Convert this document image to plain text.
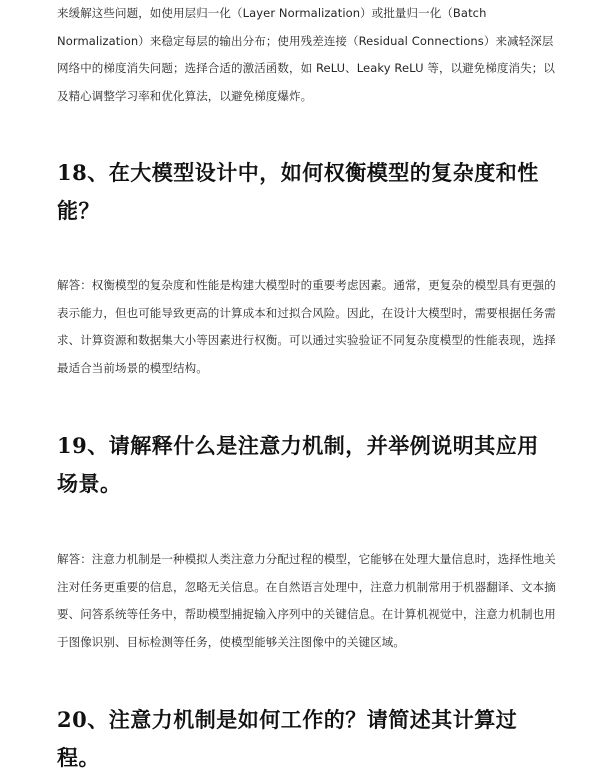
来缓解这些问题，如使用层归一化（Layer Normalization）或批量归一化（Batch Normalization）来稳定每层的输出分布；使用残差连接（Residual Connections）来减轻深层网络中的梯度消失问题；选择合适的激活函数，如 ReLU、Leaky ReLU 等，以避免梯度消失；以及精心调整学习率和优化算法，以避免梯度爆炸。
18、在大模型设计中，如何权衡模型的复杂度和性能？
解答：权衡模型的复杂度和性能是构建大模型时的重要考虑因素。通常，更复杂的模型具有更强的表示能力，但也可能导致更高的计算成本和过拟合风险。因此，在设计大模型时，需要根据任务需求、计算资源和数据集大小等因素进行权衡。可以通过实验验证不同复杂度模型的性能表现，选择最适合当前场景的模型结构。
19、请解释什么是注意力机制，并举例说明其应用场景。
解答：注意力机制是一种模拟人类注意力分配过程的模型，它能够在处理大量信息时，选择性地关注对任务更重要的信息，忽略无关信息。在自然语言处理中，注意力机制常用于机器翻译、文本摘要、问答系统等任务中，帮助模型捕捉输入序列中的关键信息。在计算机视觉中，注意力机制也用于图像识别、目标检测等任务，使模型能够关注图像中的关键区域。
20、注意力机制是如何工作的？请简述其计算过程。
